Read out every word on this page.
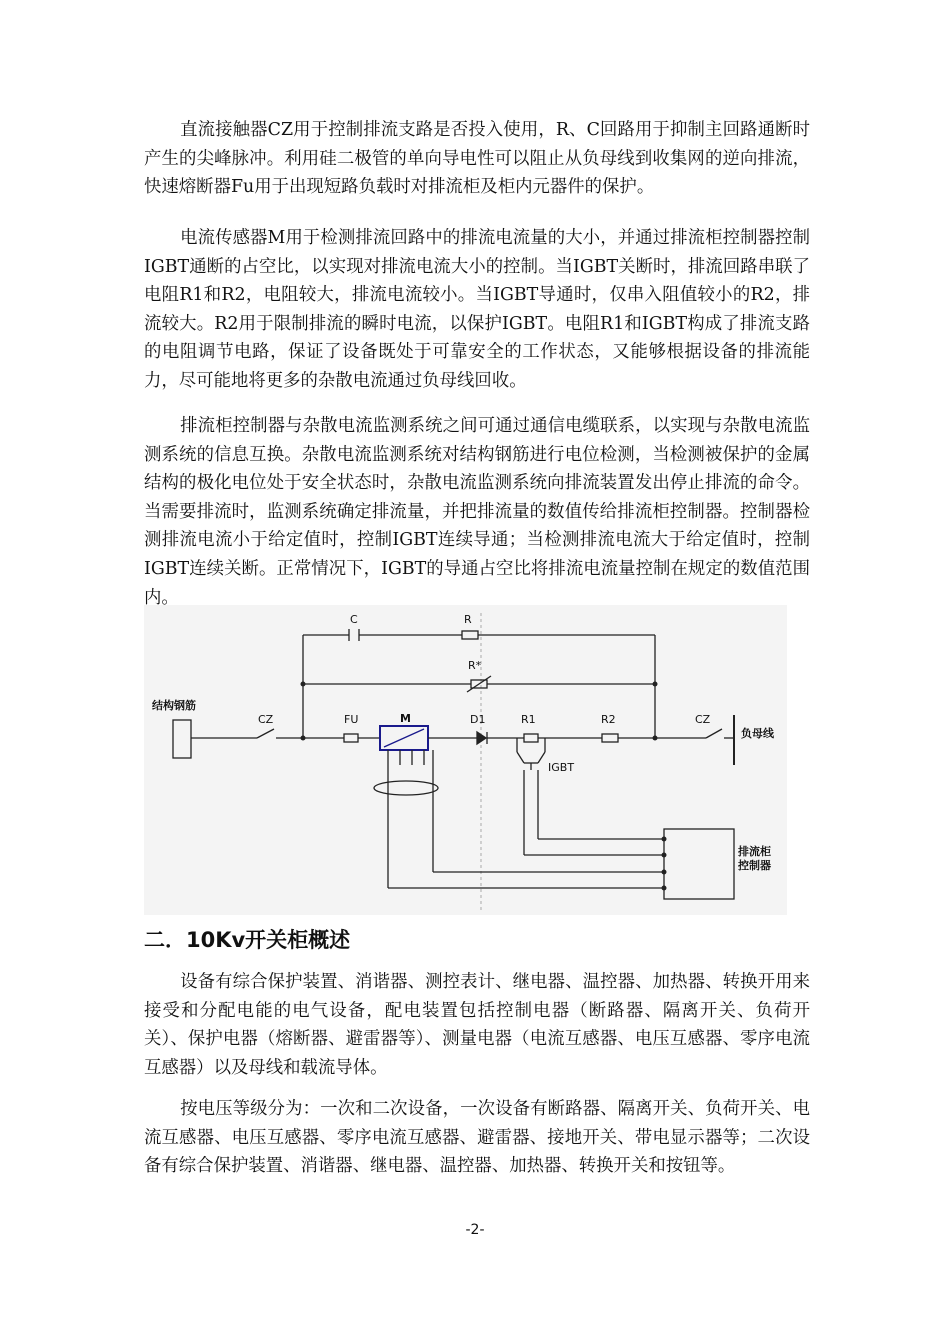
直流接触器CZ用于控制排流支路是否投入使用，R、C回路用于抑制主回路通断时产生的尖峰脉冲。利用硅二极管的单向导电性可以阻止从负母线到收集网的逆向排流，快速熔断器Fu用于出现短路负载时对排流柜及柜内元器件的保护。

电流传感器M用于检测排流回路中的排流电流量的大小，并通过排流柜控制器控制IGBT通断的占空比，以实现对排流电流大小的控制。当IGBT关断时，排流回路串联了电阻R1和R2，电阻较大，排流电流较小。当IGBT导通时，仅串入阻值较小的R2，排流较大。R2用于限制排流的瞬时电流，以保护IGBT。电阻R1和IGBT构成了排流支路的电阻调节电路，保证了设备既处于可靠安全的工作状态，又能够根据设备的排流能力，尽可能地将更多的杂散电流通过负母线回收。

排流柜控制器与杂散电流监测系统之间可通过通信电缆联系，以实现与杂散电流监测系统的信息互换。杂散电流监测系统对结构钢筋进行电位检测，当检测被保护的金属结构的极化电位处于安全状态时，杂散电流监测系统向排流装置发出停止排流的命令。当需要排流时，监测系统确定排流量，并把排流量的数值传给排流柜控制器。控制器检测排流电流小于给定值时，控制IGBT连续导通；当检测排流电流大于给定值时，控制IGBT连续关断。正常情况下，IGBT的导通占空比将排流电流量控制在规定的数值范围内。

结构钢筋
CZ
C	R
R*
FU	M	D1	R1	R2	CZ
负母线
IGBT
排流柜
控制器
二．10Kv开关柜概述

设备有综合保护装置、消谐器、测控表计、继电器、温控器、加热器、转换开用来接受和分配电能的电气设备，配电装置包括控制电器（断路器、隔离开关、负荷开关）、保护电器（熔断器、避雷器等）、测量电器（电流互感器、电压互感器、零序电流互感器）以及母线和载流导体。

按电压等级分为：一次和二次设备，一次设备有断路器、隔离开关、负荷开关、电流互感器、电压互感器、零序电流互感器、避雷器、接地开关、带电显示器等；二次设备有综合保护装置、消谐器、继电器、温控器、加热器、转换开关和按钮等。

-2-
